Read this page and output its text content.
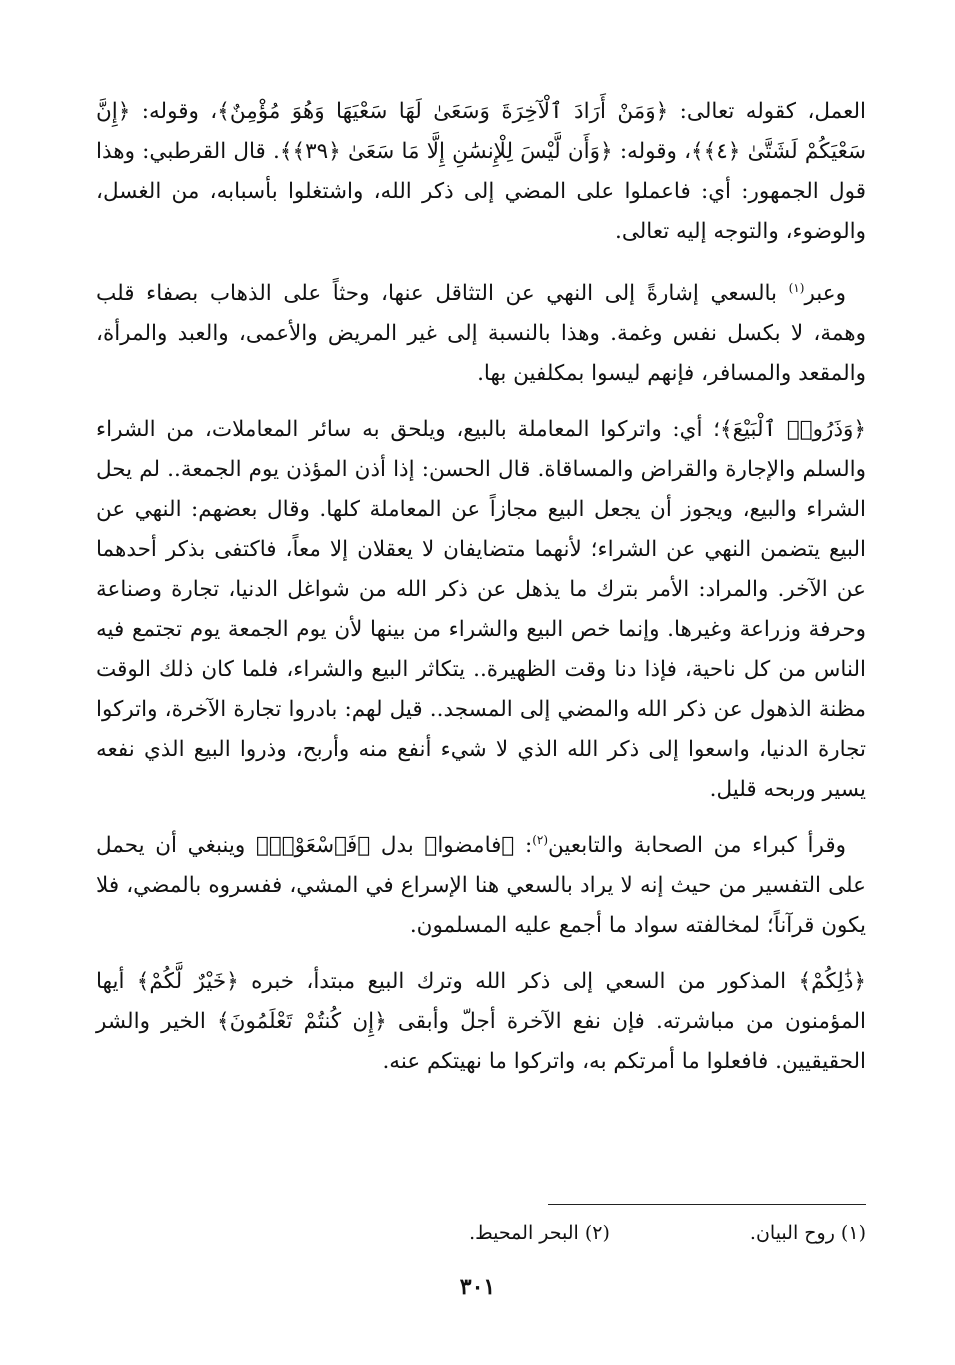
العمل، كقوله تعالى: ﴿وَمَنْ أَرَادَ ٱلْآخِرَةَ وَسَعَىٰ لَهَا سَعْيَهَا وَهُوَ مُؤْمِنٌ﴾، وقوله: ﴿إِنَّ سَعْيَكُمْ لَشَتَّىٰ ﴿٤﴾﴾، وقوله: ﴿وَأَن لَّيْسَ لِلْإِنسَٰنِ إِلَّا مَا سَعَىٰ ﴿٣٩﴾﴾. قال القرطبي: وهذا قول الجمهور: أي: فاعملوا على المضي إلى ذكر الله، واشتغلوا بأسبابه، من الغسل، والوضوء، والتوجه إليه تعالى.

وعبر$^{(١)}$ بالسعي إشارةً إلى النهي عن التثاقل عنها، وحثاً على الذهاب بصفاء قلب وهمة، لا بكسل نفس وغمة. وهذا بالنسبة إلى غير المريض والأعمى، والعبد والمرأة، والمقعد والمسافر، فإنهم ليسوا بمكلفين بها.

﴿وَذَرُوا۟ ٱلْبَيْعَ﴾؛ أي: واتركوا المعاملة بالبيع، ويلحق به سائر المعاملات، من الشراء والسلم والإجارة والقراض والمساقاة. قال الحسن: إذا أذن المؤذن يوم الجمعة.. لم يحل الشراء والبيع، ويجوز أن يجعل البيع مجازاً عن المعاملة كلها. وقال بعضهم: النهي عن البيع يتضمن النهي عن الشراء؛ لأنهما متضايفان لا يعقلان إلا معاً، فاكتفى بذكر أحدهما عن الآخر. والمراد: الأمر بترك ما يذهل عن ذكر الله من شواغل الدنيا، تجارة وصناعة وحرفة وزراعة وغيرها. وإنما خص البيع والشراء من بينها لأن يوم الجمعة يوم تجتمع فيه الناس من كل ناحية، فإذا دنا وقت الظهيرة.. يتكاثر البيع والشراء، فلما كان ذلك الوقت مظنة الذهول عن ذكر الله والمضي إلى المسجد.. قيل لهم: بادروا تجارة الآخرة، واتركوا تجارة الدنيا، واسعوا إلى ذكر الله الذي لا شيء أنفع منه وأربح، وذروا البيع الذي نفعه يسير وربحه قليل.

وقرأ كبراء من الصحابة والتابعين$^{(٢)}$: ﴿فامضوا﴾ بدل ﴿فَٱسْعَوْا۟﴾ وينبغي أن يحمل على التفسير من حيث إنه لا يراد بالسعي هنا الإسراع في المشي، ففسروه بالمضي، فلا يكون قرآناً؛ لمخالفته سواد ما أجمع عليه المسلمون.

﴿ذَٰلِكُمْ﴾ المذكور من السعي إلى ذكر الله وترك البيع مبتدأ، خبره ﴿خَيْرٌ لَّكُمْ﴾ أيها المؤمنون من مباشرته. فإن نفع الآخرة أجلّ وأبقى ﴿إِن كُنتُمْ تَعْلَمُونَ﴾ الخير والشر الحقيقيين. فافعلوا ما أمرتكم به، واتركوا ما نهيتكم عنه.

(١) روح البيان.
(٢) البحر المحيط.
٣٠١
